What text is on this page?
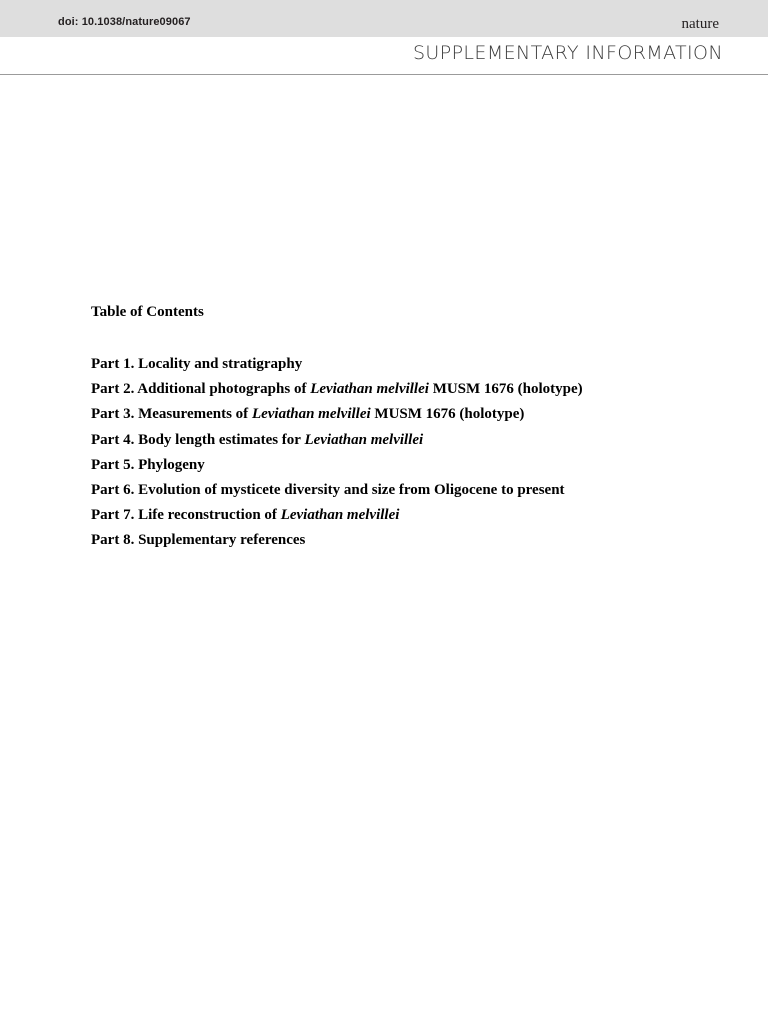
doi: 10.1038/nature09067	nature
SUPPLEMENTARY INFORMATION
Table of Contents
Part 1. Locality and stratigraphy
Part 2. Additional photographs of Leviathan melvillei MUSM 1676 (holotype)
Part 3. Measurements of Leviathan melvillei MUSM 1676 (holotype)
Part 4. Body length estimates for Leviathan melvillei
Part 5. Phylogeny
Part 6. Evolution of mysticete diversity and size from Oligocene to present
Part 7. Life reconstruction of Leviathan melvillei
Part 8. Supplementary references
